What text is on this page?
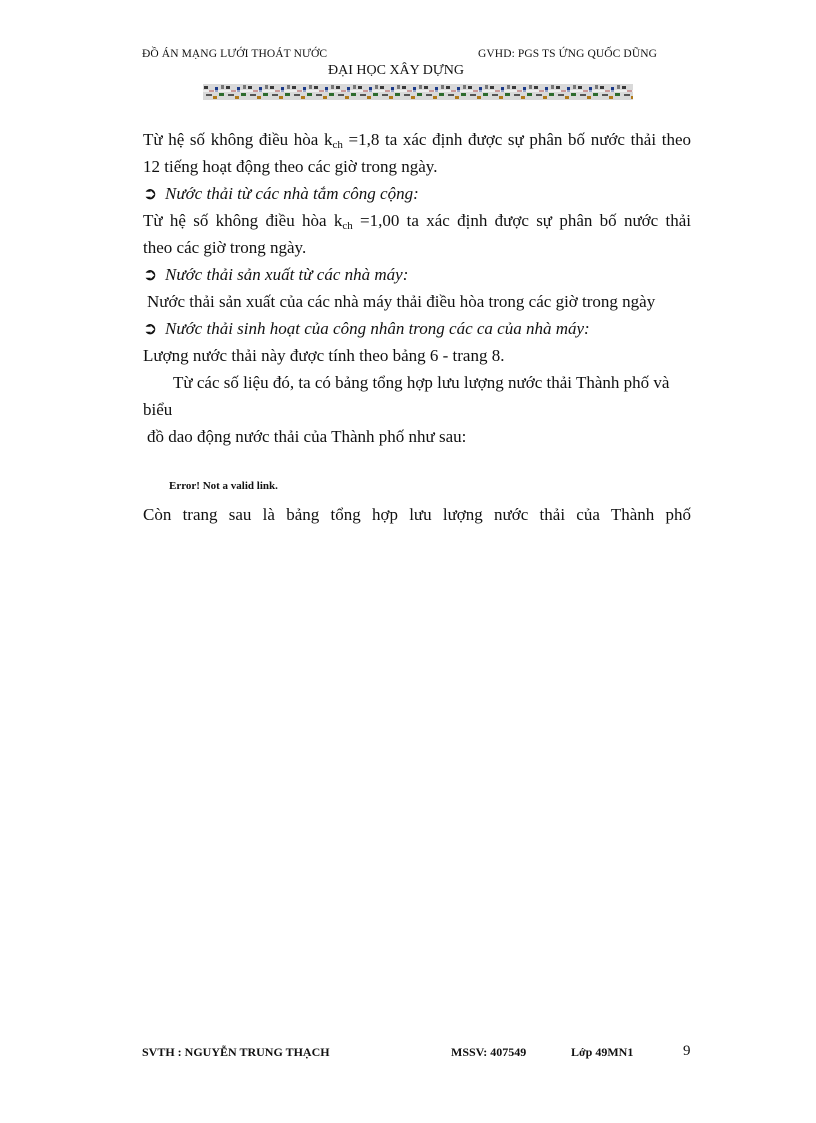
ĐỒ ÁN MẠNG LƯỚI THOÁT NƯỚC	GVHD: PGS TS ỨNG QUỐC DŨNG
ĐẠI HỌC XÂY DỰNG
Từ hệ số không điều hòa $k_{ch} =1,8$ ta xác định được sự phân bố nước thải theo
12 tiếng hoạt động theo các giờ trong ngày.
➲ Nước thải từ các nhà tắm công cộng:
Từ hệ số không điều hòa $k_{ch} =1,00$ ta xác định được sự phân bố nước thải
theo các giờ trong ngày.
➲ Nước thải sản xuất từ các nhà máy:
Nước thải sản xuất của các nhà máy thải điều hòa trong các giờ trong ngày
➲ Nước thải sinh hoạt của công nhân trong các ca của nhà máy:
Lượng nước thải này được tính theo bảng 6 - trang 8.
Từ các số liệu đó, ta có bảng tổng hợp lưu lượng nước thải Thành phố và
biểu
đồ dao động nước thải của Thành phố như sau:
Error! Not a valid link.
Còn trang sau là bảng tổng hợp lưu lượng nước thải của Thành phố
SVTH : NGUYỄN TRUNG THẠCH	MSSV: 407549	Lớp 49MN1	9
